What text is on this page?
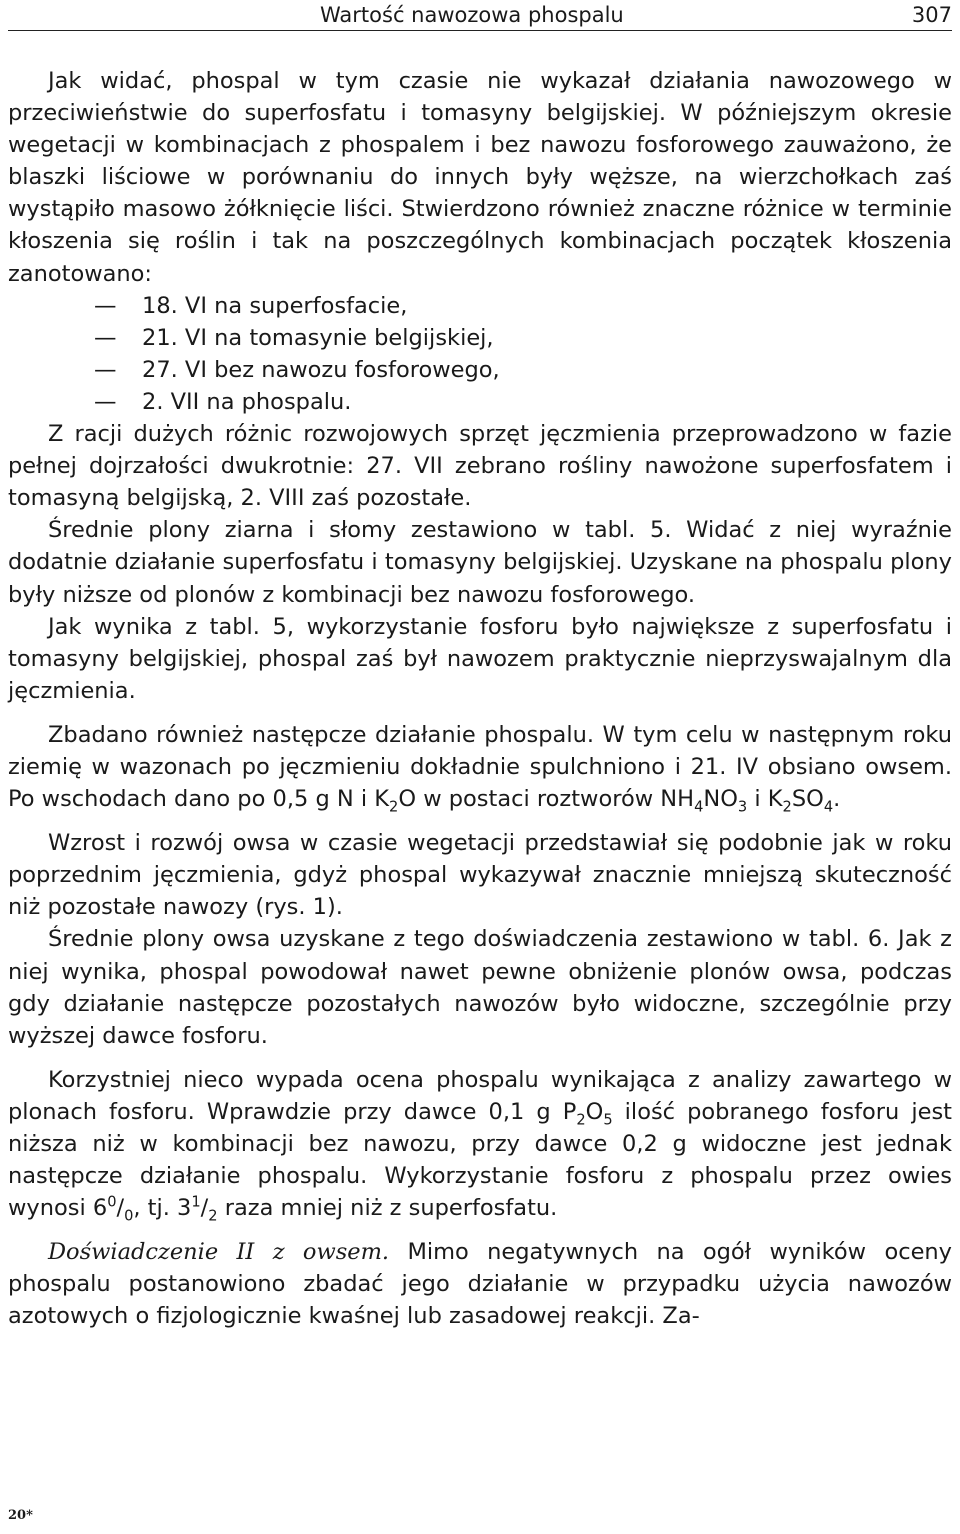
Wartość nawozowa phospalu	307

Jak widać, phospal w tym czasie nie wykazał działania nawozowego w przeciwieństwie do superfosfatu i tomasyny belgijskiej. W późniejszym okresie wegetacji w kombinacjach z phospalem i bez nawozu fosforowego zauważono, że blaszki liściowe w porównaniu do innych były węższe, na wierzchołkach zaś wystąpiło masowo żółknięcie liści. Stwierdzono również znaczne różnice w terminie kłoszenia się roślin i tak na poszczególnych kombinacjach początek kłoszenia zanotowano:

— 18. VI na superfosfacie,
— 21. VI na tomasynie belgijskiej,
— 27. VI bez nawozu fosforowego,
— 2. VII na phospalu.

Z racji dużych różnic rozwojowych sprzęt jęczmienia przeprowadzono w fazie pełnej dojrzałości dwukrotnie: 27. VII zebrano rośliny nawożone superfosfatem i tomasyną belgijską, 2. VIII zaś pozostałe.

Średnie plony ziarna i słomy zestawiono w tabl. 5. Widać z niej wyraźnie dodatnie działanie superfosfatu i tomasyny belgijskiej. Uzyskane na phospalu plony były niższe od plonów z kombinacji bez nawozu fosforowego.

Jak wynika z tabl. 5, wykorzystanie fosforu było największe z superfosfatu i tomasyny belgijskiej, phospal zaś był nawozem praktycznie nieprzyswajalnym dla jęczmienia.

Zbadano również następcze działanie phospalu. W tym celu w następnym roku ziemię w wazonach po jęczmieniu dokładnie spulchniono i 21. IV obsiano owsem. Po wschodach dano po 0,5 g N i $K_2O$ w postaci roztworów $NH_4NO_3$ i $K_2SO_4$.

Wzrost i rozwój owsa w czasie wegetacji przedstawiał się podobnie jak w roku poprzednim jęczmienia, gdyż phospal wykazywał znacznie mniejszą skuteczność niż pozostałe nawozy (rys. 1).

Średnie plony owsa uzyskane z tego doświadczenia zestawiono w tabl. 6. Jak z niej wynika, phospal powodował nawet pewne obniżenie plonów owsa, podczas gdy działanie następcze pozostałych nawozów było widoczne, szczególnie przy wyższej dawce fosforu.

Korzystniej nieco wypada ocena phospalu wynikająca z analizy zawartego w plonach fosforu. Wprawdzie przy dawce 0,1 g $P_2O_5$ ilość pobranego fosforu jest niższa niż w kombinacji bez nawozu, przy dawce 0,2 g widoczne jest jednak następcze działanie phospalu. Wykorzystanie fosforu z phospalu przez owies wynosi $6^0/_0$, tj. $3^1/_2$ raza mniej niż z superfosfatu.

Doświadczenie II z owsem. Mimo negatywnych na ogół wyników oceny phospalu postanowiono zbadać jego działanie w przypadku użycia nawozów azotowych o fizjologicznie kwaśnej lub zasadowej reakcji. Za-

20*
